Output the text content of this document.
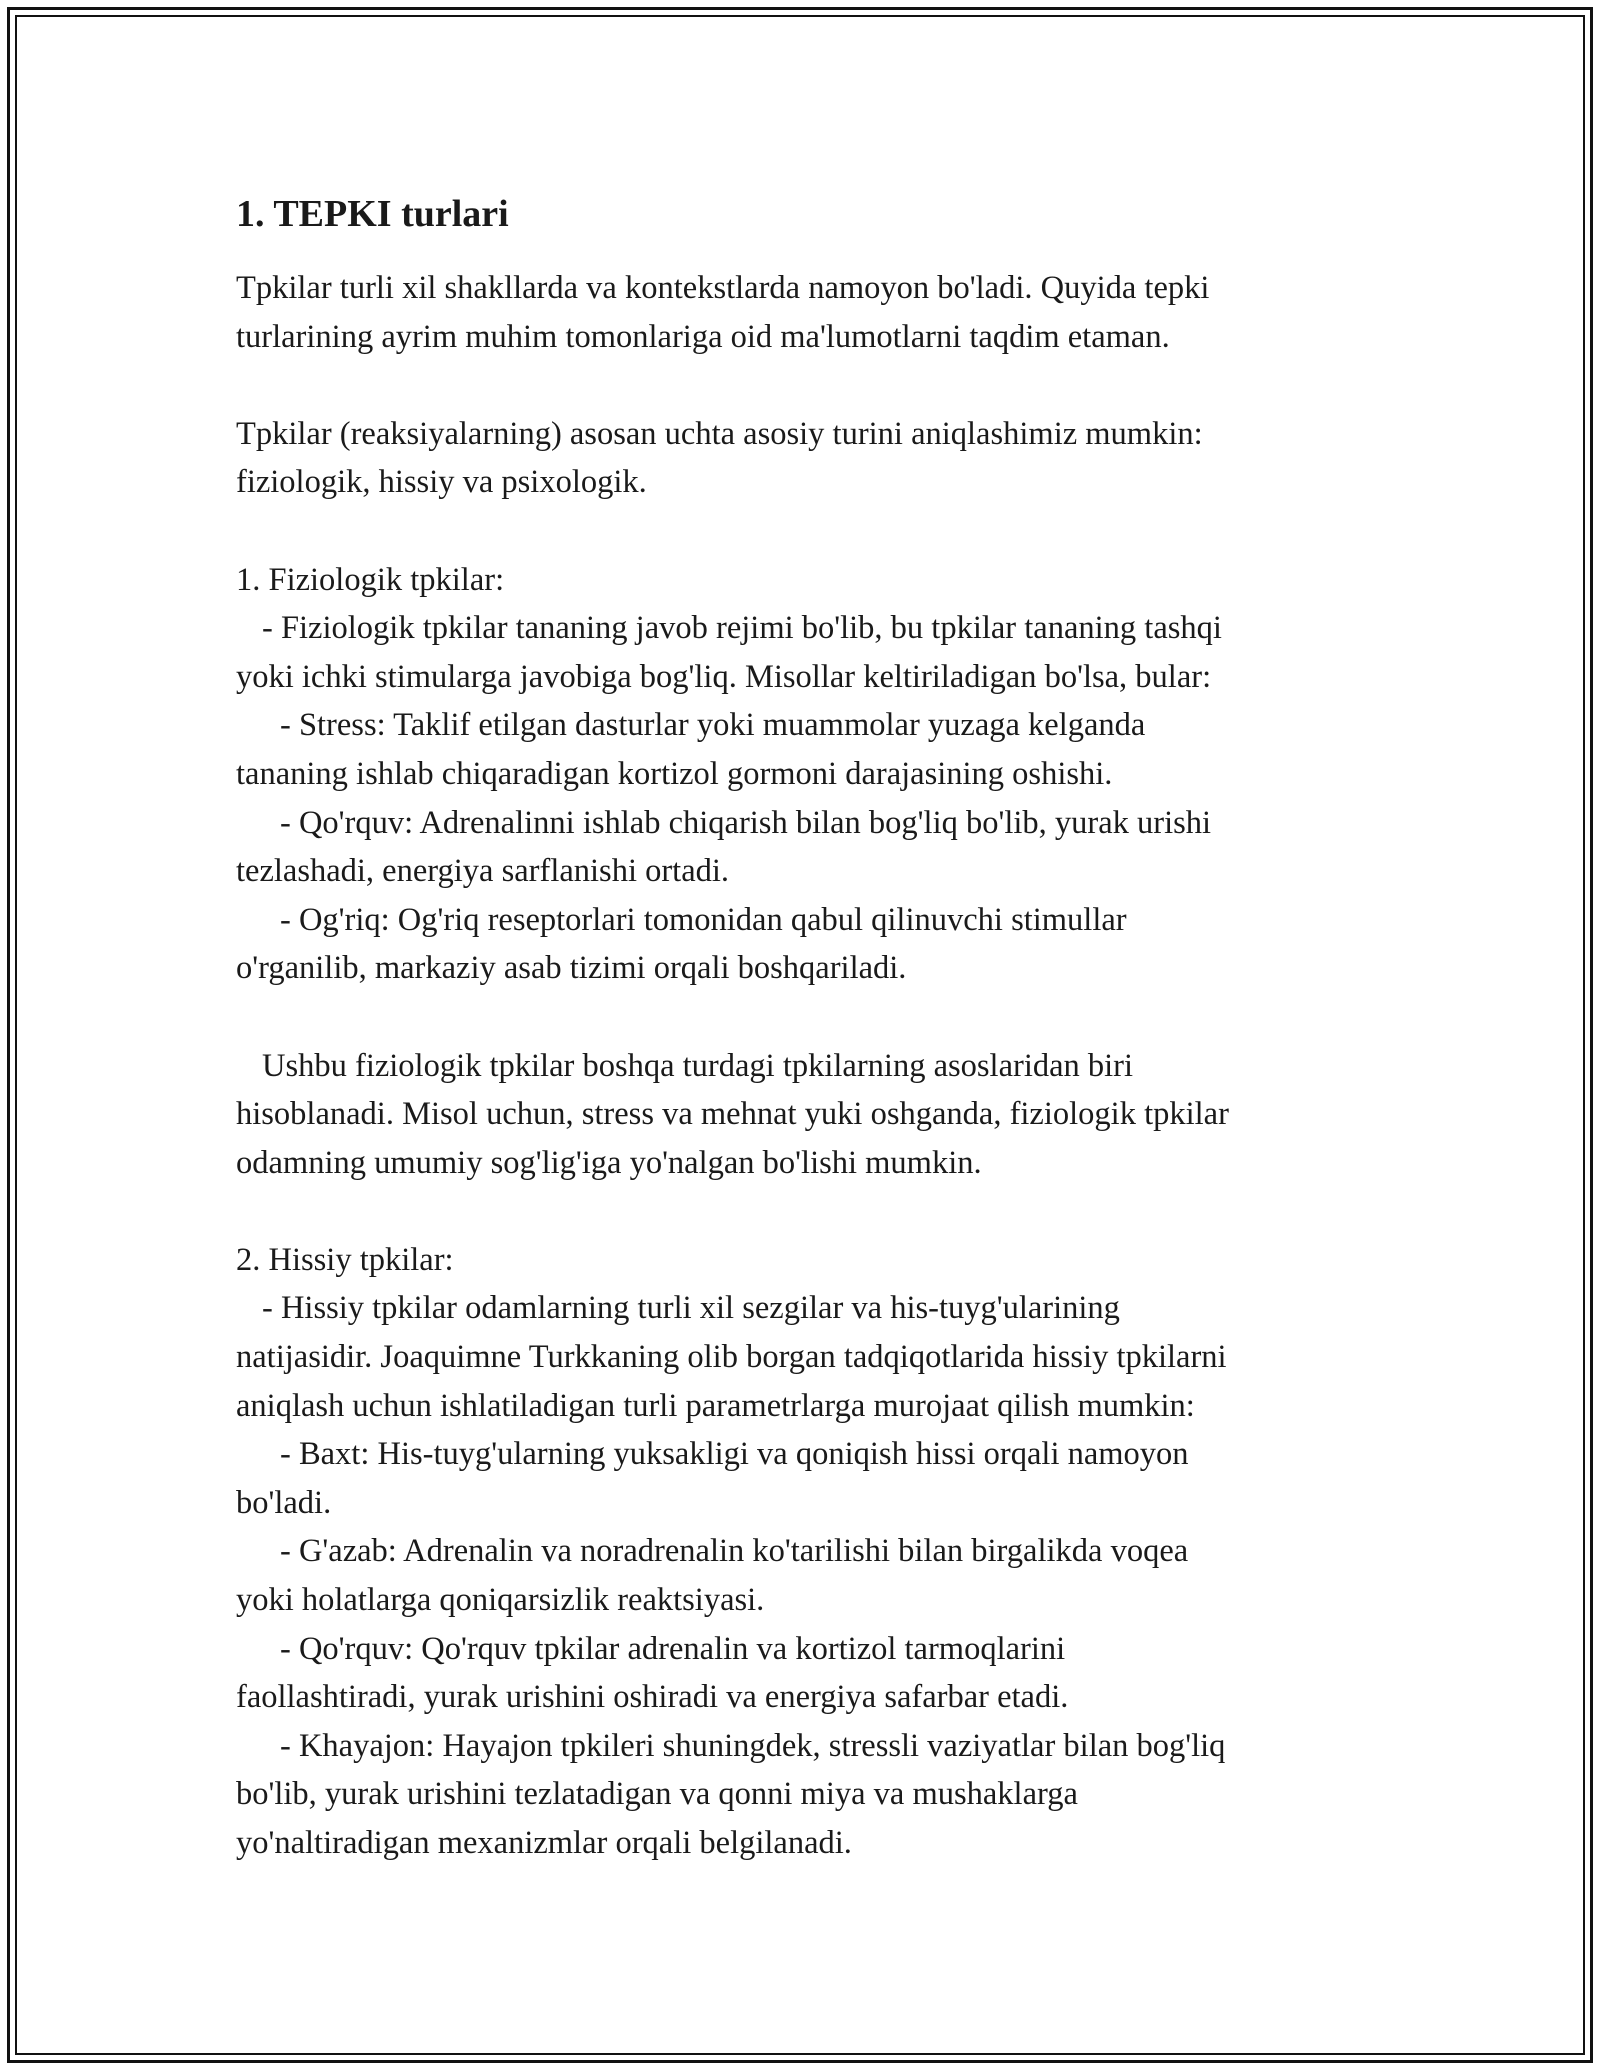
1. TEPKI turlari
Tpkilar turli xil shakllarda va kontekstlarda namoyon bo'ladi. Quyida tepki
turlarining ayrim muhim tomonlariga oid ma'lumotlarni taqdim etaman.
Tpkilar (reaksiyalarning) asosan uchta asosiy turini aniqlashimiz mumkin:
fiziologik, hissiy va psixologik.
1. Fiziologik tpkilar:
- Fiziologik tpkilar tananing javob rejimi bo'lib, bu tpkilar tananing tashqi
yoki ichki stimularga javobiga bog'liq. Misollar keltiriladigan bo'lsa, bular:
- Stress: Taklif etilgan dasturlar yoki muammolar yuzaga kelganda
tananing ishlab chiqaradigan kortizol gormoni darajasining oshishi.
- Qo'rquv: Adrenalinni ishlab chiqarish bilan bog'liq bo'lib, yurak urishi
tezlashadi, energiya sarflanishi ortadi.
- Og'riq: Og'riq reseptorlari tomonidan qabul qilinuvchi stimullar
o'rganilib, markaziy asab tizimi orqali boshqariladi.
Ushbu fiziologik tpkilar boshqa turdagi tpkilarning asoslaridan biri
hisoblanadi. Misol uchun, stress va mehnat yuki oshganda, fiziologik tpkilar
odamning umumiy sog'lig'iga yo'nalgan bo'lishi mumkin.
2. Hissiy tpkilar:
- Hissiy tpkilar odamlarning turli xil sezgilar va his-tuyg'ularining
natijasidir. Joaquimne Turkkaning olib borgan tadqiqotlarida hissiy tpkilarni
aniqlash uchun ishlatiladigan turli parametrlarga murojaat qilish mumkin:
- Baxt: His-tuyg'ularning yuksakligi va qoniqish hissi orqali namoyon
bo'ladi.
- G'azab: Adrenalin va noradrenalin ko'tarilishi bilan birgalikda voqea
yoki holatlarga qoniqarsizlik reaktsiyasi.
- Qo'rquv: Qo'rquv tpkilar adrenalin va kortizol tarmoqlarini
faollashtiradi, yurak urishini oshiradi va energiya safarbar etadi.
- Khayajon: Hayajon tpkileri shuningdek, stressli vaziyatlar bilan bog'liq
bo'lib, yurak urishini tezlatadigan va qonni miya va mushaklarga
yo'naltiradigan mexanizmlar orqali belgilanadi.
